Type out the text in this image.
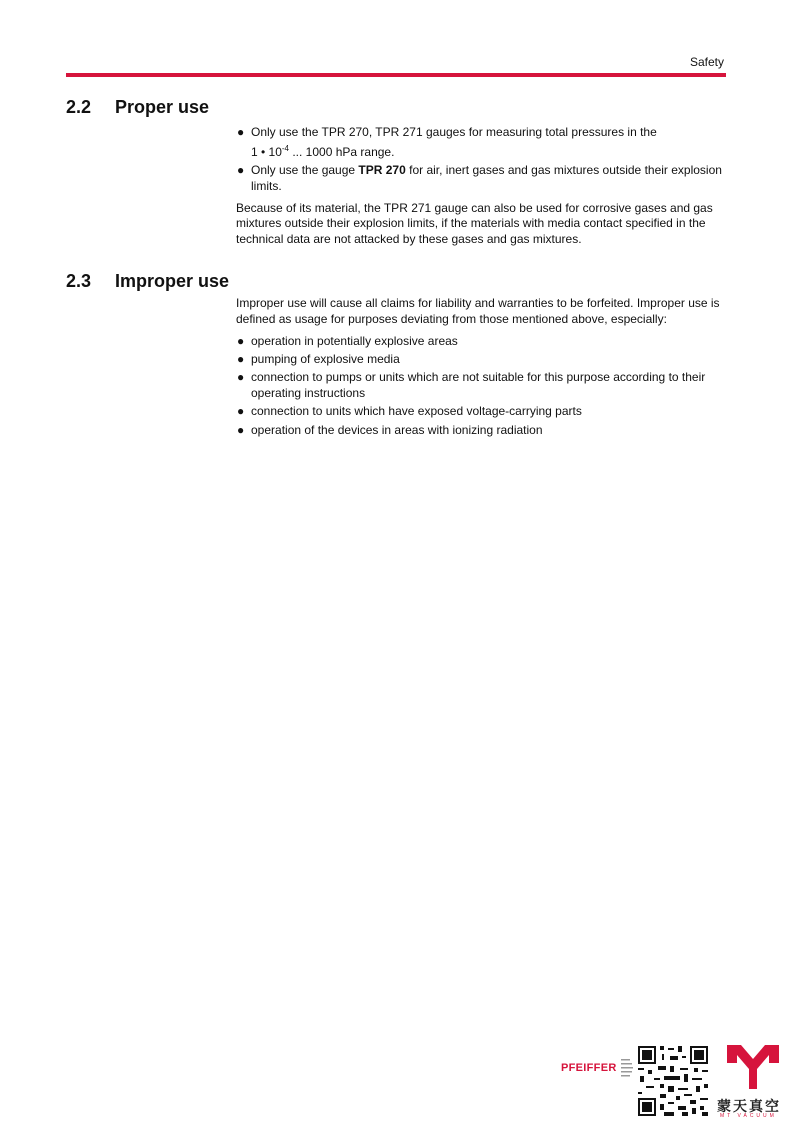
Safety
2.2 Proper use
● Only use the TPR 270, TPR 271 gauges for measuring total pressures in the
1 • $10^{-4}$ ... 1000 hPa range.
● Only use the gauge TPR 270 for air, inert gases and gas mixtures outside their explosion limits.

Because of its material, the TPR 271 gauge can also be used for corrosive gases and gas mixtures outside their explosion limits, if the materials with media contact specified in the technical data are not attacked by these gases and gas mixtures.

2.3 Improper use

Improper use will cause all claims for liability and warranties to be forfeited. Improper use is defined as usage for purposes deviating from those mentioned above, especially:

● operation in potentially explosive areas
● pumping of explosive media
● connection to pumps or units which are not suitable for this purpose according to their operating instructions
● connection to units which have exposed voltage-carrying parts
● operation of the devices in areas with ionizing radiation
PFEIFFER
蒙天真空
MT VACUUM
